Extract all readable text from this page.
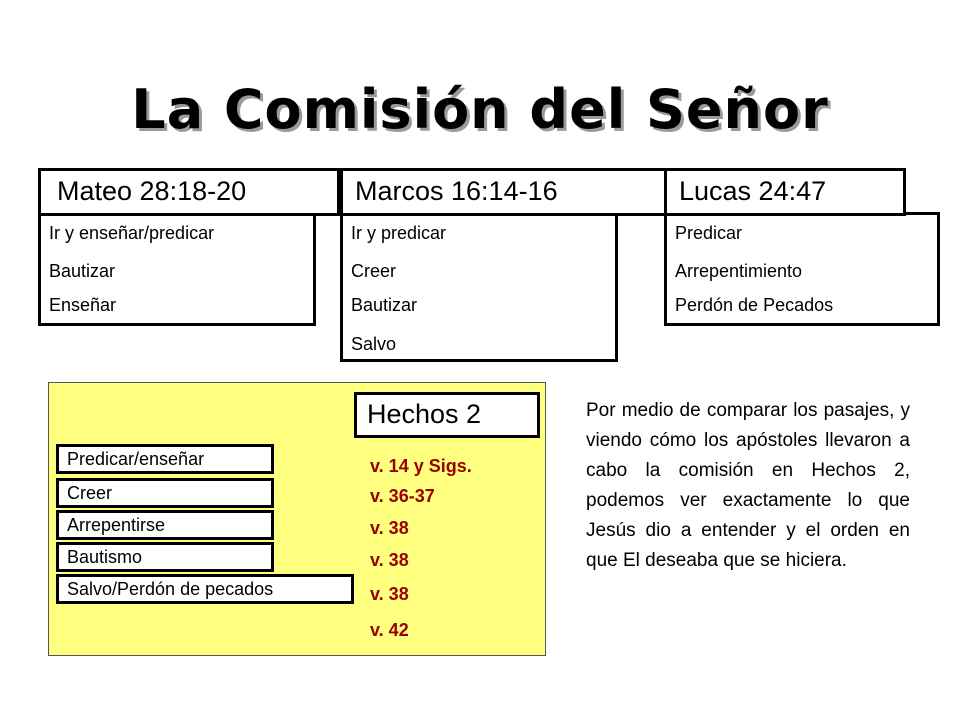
La Comisión del Señor
Ir y enseñar/predicar
Bautizar
Enseñar
Ir y predicar
Creer
Bautizar
Salvo
Predicar
Arrepentimiento
Perdón de Pecados
Mateo 28:18-20	Marcos 16:14-16	Lucas 24:47
Hechos 2
Predicar/enseñar
Creer
Arrepentirse
Bautismo
Salvo/Perdón de pecados
v. 14 y Sigs.
v. 36-37
v. 38
v. 38
v. 38
v. 42
Por medio de comparar los pasajes, y viendo cómo los apóstoles llevaron a cabo la comisión en Hechos 2, podemos ver exactamente lo que Jesús dio a entender y el orden en que El deseaba que se hiciera.
